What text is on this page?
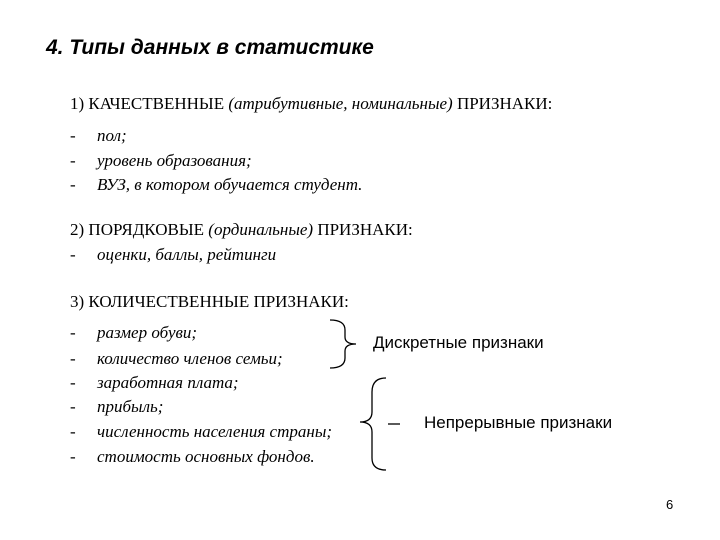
4. Типы данных в статистике
1) КАЧЕСТВЕННЫЕ (атрибутивные, номинальные) ПРИЗНАКИ:
- пол;
- уровень образования;
- ВУЗ, в котором обучается студент.
2) ПОРЯДКОВЫЕ (ординальные) ПРИЗНАКИ:
- оценки, баллы, рейтинги
3) КОЛИЧЕСТВЕННЫЕ ПРИЗНАКИ:
- размер обуви;
- количество членов семьи;
- заработная плата;
- прибыль;
- численность населения страны;
- стоимость основных фондов.
Дискретные признаки
Непрерывные признаки
6
